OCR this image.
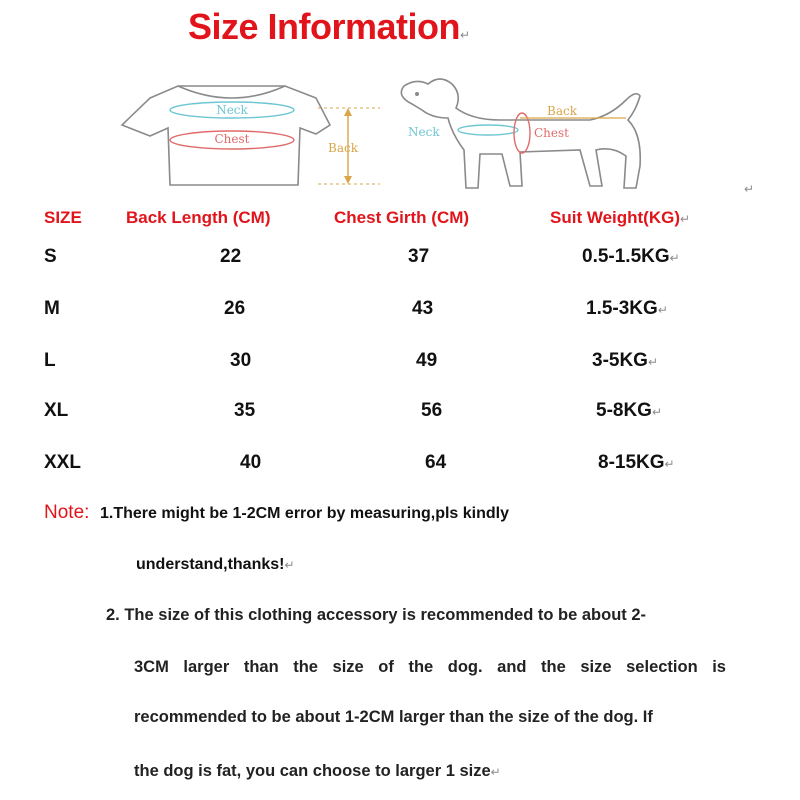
Size Information↵
Neck
Chest
Back
Back
Neck	Chest
↵
SIZE	Back Length (CM)	Chest Girth (CM)	Suit Weight(KG)↵
S	22	37	0.5-1.5KG↵
M	26	43	1.5-3KG↵
L	30	49	3-5KG↵
XL	35	56	5-8KG↵
XXL	40	64	8-15KG↵
Note: 1.There might be 1-2CM error by measuring,pls kindly
understand,thanks!↵
2. The size of this clothing accessory is recommended to be about 2-
3CM larger than the size of the dog. and the size selection is
recommended to be about 1-2CM larger than the size of the dog. If
the dog is fat, you can choose to larger 1 size↵
